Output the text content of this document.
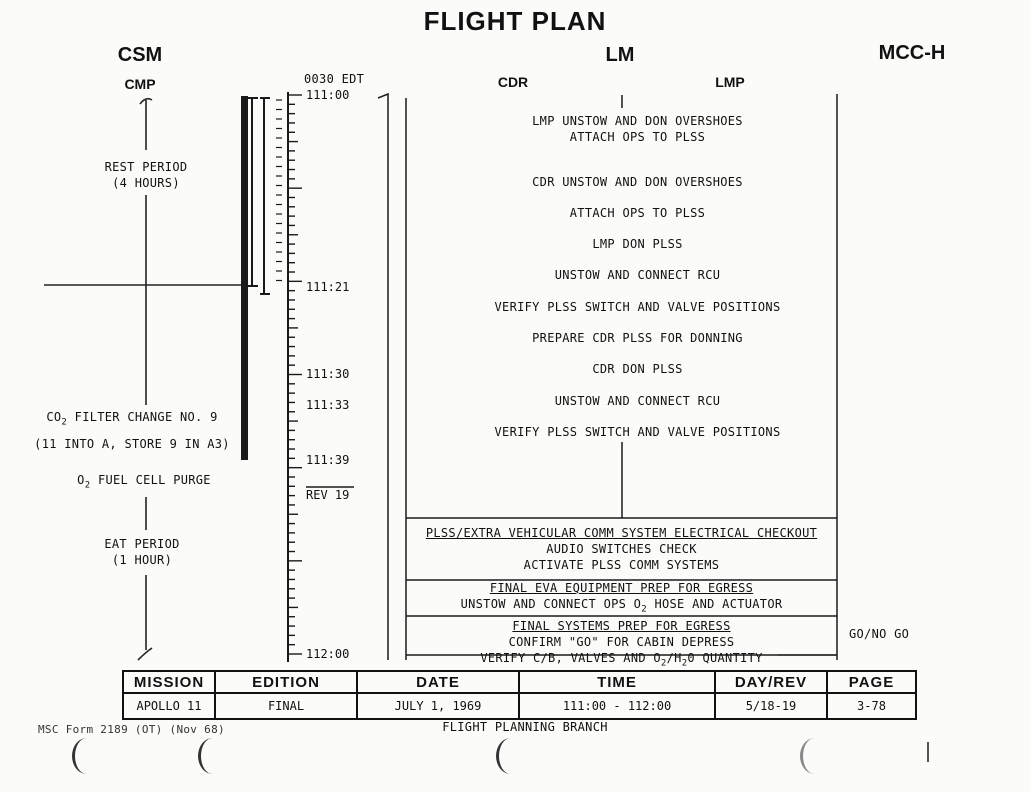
FLIGHT PLAN
CSM	LM	MCC-H
CMP	CDR	LMP
0030 EDT
111:00
111:21
111:30
111:33
111:39
REV 19
112:00
REST PERIOD
(4 HOURS)
$CO_2$ FILTER CHANGE NO. 9
(11 INTO A, STORE 9 IN A3)
$O_2$ FUEL CELL PURGE
EAT PERIOD
(1 HOUR)
LMP UNSTOW AND DON OVERSHOES
ATTACH OPS TO PLSS
CDR UNSTOW AND DON OVERSHOES
ATTACH OPS TO PLSS
LMP DON PLSS
UNSTOW AND CONNECT RCU
VERIFY PLSS SWITCH AND VALVE POSITIONS
PREPARE CDR PLSS FOR DONNING
CDR DON PLSS
UNSTOW AND CONNECT RCU
VERIFY PLSS SWITCH AND VALVE POSITIONS
PLSS/EXTRA VEHICULAR COMM SYSTEM ELECTRICAL CHECKOUT
AUDIO SWITCHES CHECK
ACTIVATE PLSS COMM SYSTEMS
FINAL EVA EQUIPMENT PREP FOR EGRESS
UNSTOW AND CONNECT OPS $O_2$ HOSE AND ACTUATOR
FINAL SYSTEMS PREP FOR EGRESS
CONFIRM "GO" FOR CABIN DEPRESS
VERIFY C/B, VALVES AND $O_2/H_20$ QUANTITY
GO/NO GO
MISSION	EDITION	DATE	TIME	DAY/REV	PAGE
APOLLO 11	FINAL	JULY 1, 1969	111:00 - 112:00	5/18-19	3-78
MSC Form 2189 (OT) (Nov 68)	FLIGHT PLANNING BRANCH
